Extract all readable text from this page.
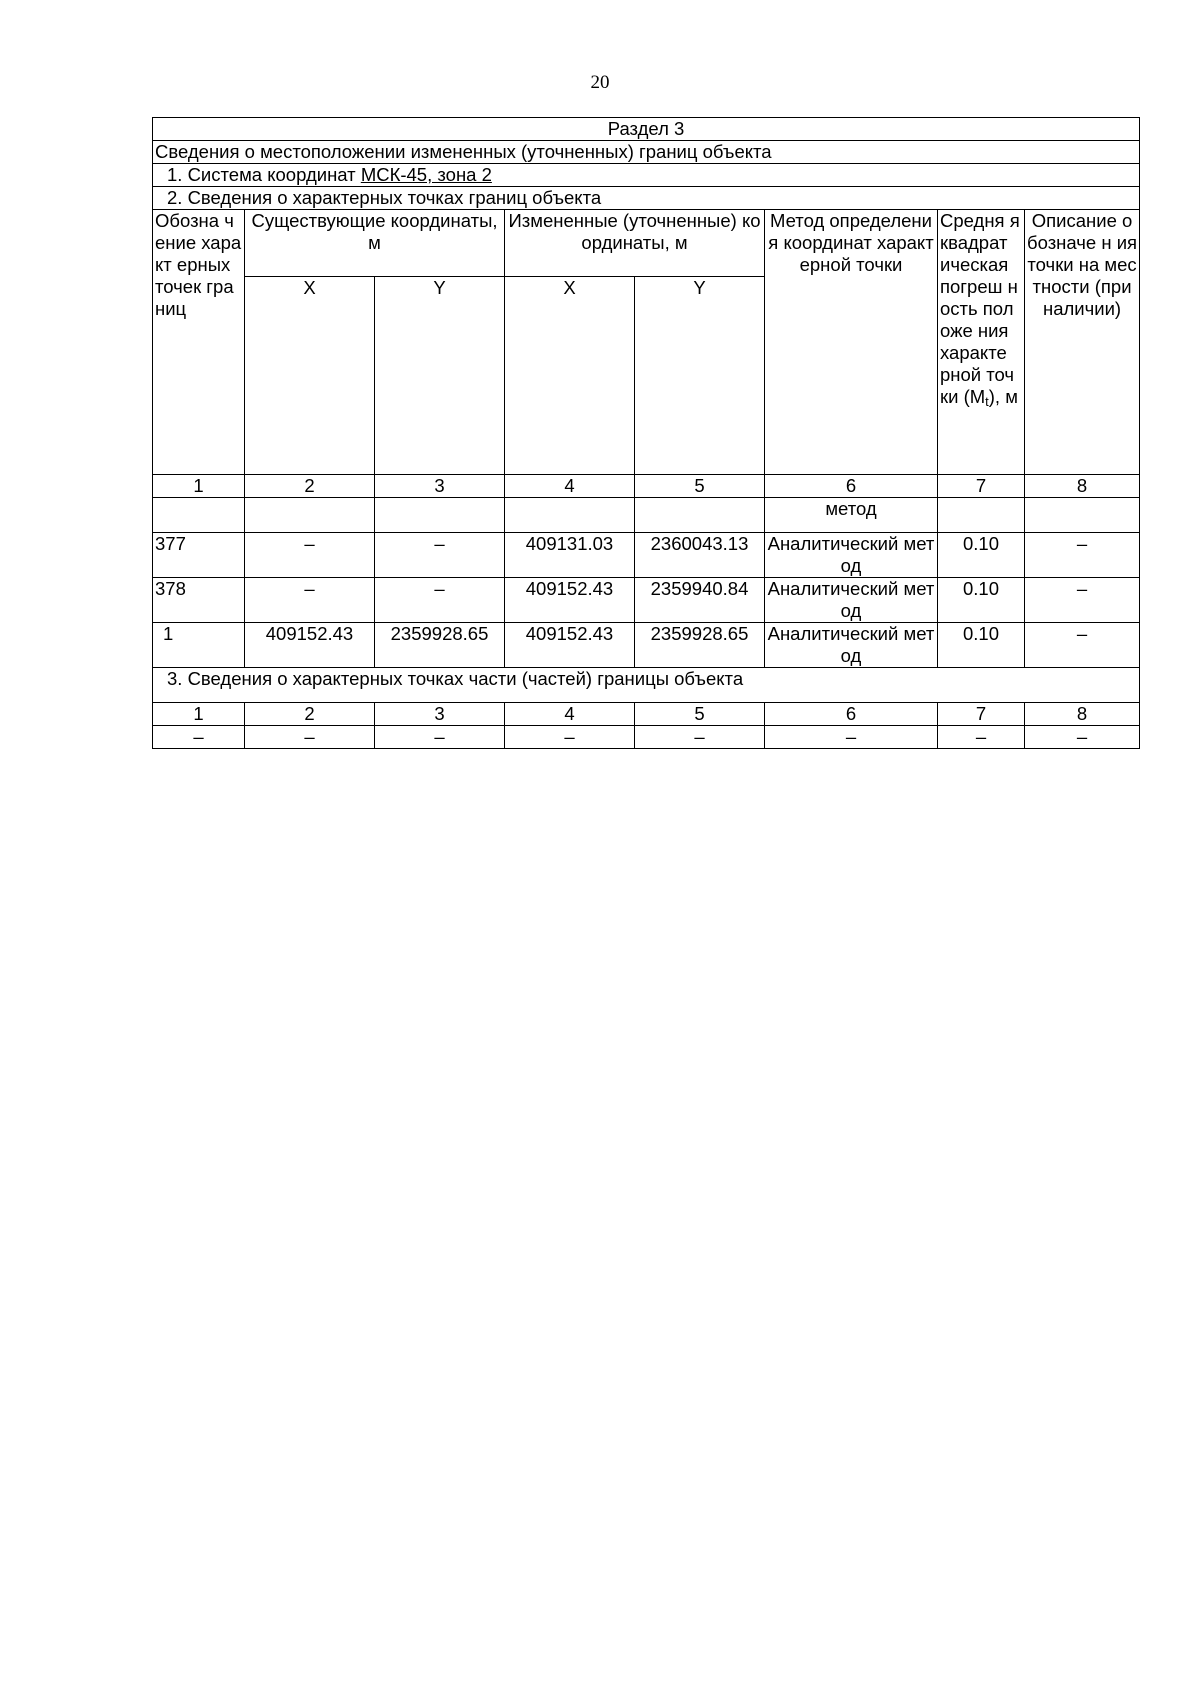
20
Раздел 3							
Сведения о местоположении измененных (уточненных) границ объекта							
1. Система координат МСК-45, зона 2							
2. Сведения о характерных точках границ объекта							
Обозна чение характ ерных точек границ	Существующие координаты, м		Измененные (уточненные) координаты, м		Метод определения координат характерной точки	Средня я квадрат ическая погреш ность положе ния характе рной точки $(M_t)$, м	Описание обозначе н ия точки на местности (при наличии)
	X	Y	X	Y			
1	2	3	4	5	6	7	8
					метод		
377	–	–	409131.03	2360043.13	Аналитический метод	0.10	–
378	–	–	409152.43	2359940.84	Аналитический метод	0.10	–
1	409152.43	2359928.65	409152.43	2359928.65	Аналитический метод	0.10	–
3. Сведения о характерных точках части (частей) границы объекта							
1	2	3	4	5	6	7	8
–	–	–	–	–	–	–	–
